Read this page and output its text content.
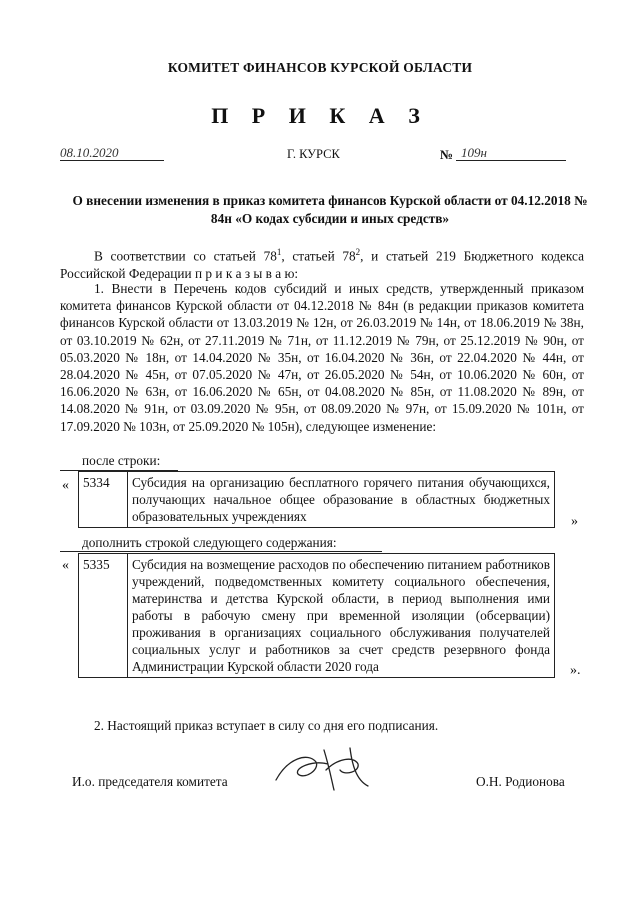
КОМИТЕТ ФИНАНСОВ КУРСКОЙ ОБЛАСТИ
П Р И К А З
08.10.2020	Г. КУРСК	№ 109н
О внесении изменения в приказ комитета финансов Курской области от 04.12.2018 № 84н «О кодах субсидии и иных средств»

В соответствии со статьей $78^1$, статьей $78^2$, и статьей 219 Бюджетного кодекса Российской Федерации п р и к а з ы в а ю:

1. Внести в Перечень кодов субсидий и иных средств, утвержденный приказом комитета финансов Курской области от 04.12.2018 № 84н (в редакции приказов комитета финансов Курской области от 13.03.2019 № 12н, от 26.03.2019 № 14н, от 18.06.2019 № 38н, от 03.10.2019 № 62н, от 27.11.2019 № 71н, от 11.12.2019 № 79н, от 25.12.2019 № 90н, от 05.03.2020 № 18н, от 14.04.2020 № 35н, от 16.04.2020 № 36н, от 22.04.2020 № 44н, от 28.04.2020 № 45н, от 07.05.2020 № 47н, от 26.05.2020 № 54н, от 10.06.2020 № 60н, от 16.06.2020 № 63н, от 16.06.2020 № 65н, от 04.08.2020 № 85н, от 11.08.2020 № 89н, от 14.08.2020 № 91н, от 03.09.2020 № 95н, от 08.09.2020 № 97н, от 15.09.2020 № 101н, от 17.09.2020 № 103н, от 25.09.2020 № 105н), следующее изменение:

после строки:
« 5334	Субсидия на организацию бесплатного горячего питания обучающихся, получающих начальное общее образование в областных бюджетных образовательных учреждениях	»
дополнить строкой следующего содержания:
« 5335	Субсидия на возмещение расходов по обеспечению питанием работников учреждений, подведомственных комитету социального обеспечения, материнства и детства Курской области, в период выполнения ими работы в рабочую смену при временной изоляции (обсервации) проживания в организациях социального обслуживания получателей социальных услуг и работников за счет средств резервного фонда Администрации Курской области 2020 года	».
2. Настоящий приказ вступает в силу со дня его подписания.
И.о. председателя комитета	О.Н. Родионова
